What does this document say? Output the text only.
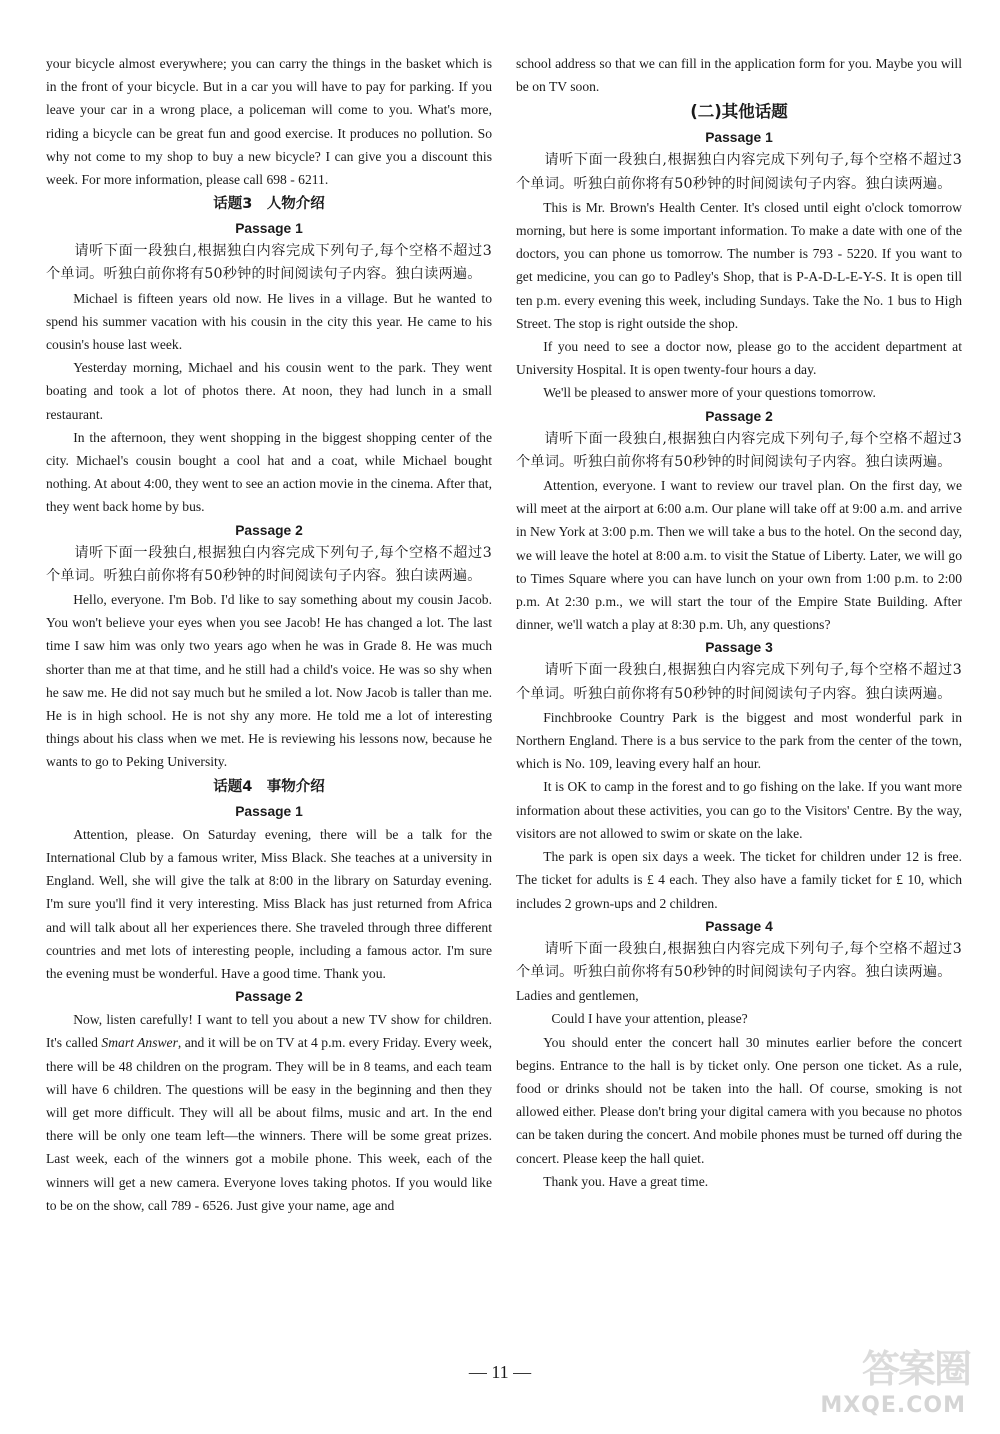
your bicycle almost everywhere; you can carry the things in the basket which is in the front of your bicycle. But in a car you will have to pay for parking. If you leave your car in a wrong place, a policeman will come to you. What's more, riding a bicycle can be great fun and good exercise. It produces no pollution. So why not come to my shop to buy a new bicycle? I can give you a discount this week. For more information, please call 698 - 6211.

话题3　人物介绍
Passage 1

请听下面一段独白,根据独白内容完成下列句子,每个空格不超过3个单词。听独白前你将有50秒钟的时间阅读句子内容。独白读两遍。

Michael is fifteen years old now. He lives in a village. But he wanted to spend his summer vacation with his cousin in the city this year. He came to his cousin's house last week.

Yesterday morning, Michael and his cousin went to the park. They went boating and took a lot of photos there. At noon, they had lunch in a small restaurant.

In the afternoon, they went shopping in the biggest shopping center of the city. Michael's cousin bought a cool hat and a coat, while Michael bought nothing. At about 4:00, they went to see an action movie in the cinema. After that, they went back home by bus.

Passage 2

请听下面一段独白,根据独白内容完成下列句子,每个空格不超过3个单词。听独白前你将有50秒钟的时间阅读句子内容。独白读两遍。

Hello, everyone. I'm Bob. I'd like to say something about my cousin Jacob. You won't believe your eyes when you see Jacob! He has changed a lot. The last time I saw him was only two years ago when he was in Grade 8. He was much shorter than me at that time, and he still had a child's voice. He was so shy when he saw me. He did not say much but he smiled a lot. Now Jacob is taller than me. He is in high school. He is not shy any more. He told me a lot of interesting things about his class when we met. He is reviewing his lessons now, because he wants to go to Peking University.

话题4　事物介绍
Passage 1

Attention, please. On Saturday evening, there will be a talk for the International Club by a famous writer, Miss Black. She teaches at a university in England. Well, she will give the talk at 8:00 in the library on Saturday evening. I'm sure you'll find it very interesting. Miss Black has just returned from Africa and will talk about all her experiences there. She traveled through three different countries and met lots of interesting people, including a famous actor. I'm sure the evening must be wonderful. Have a good time. Thank you.

Passage 2

Now, listen carefully! I want to tell you about a new TV show for children. It's called Smart Answer, and it will be on TV at 4 p.m. every Friday. Every week, there will be 48 children on the program. They will be in 8 teams, and each team will have 6 children. The questions will be easy in the beginning and then they will get more difficult. They will all be about films, music and art. In the end there will be only one team left—the winners. There will be some great prizes. Last week, each of the winners got a mobile phone. This week, each of the winners will get a new camera. Everyone loves taking photos. If you would like to be on the show, call 789 - 6526. Just give your name, age and

school address so that we can fill in the application form for you. Maybe you will be on TV soon.

(二)其他话题
Passage 1

请听下面一段独白,根据独白内容完成下列句子,每个空格不超过3个单词。听独白前你将有50秒钟的时间阅读句子内容。独白读两遍。

This is Mr. Brown's Health Center. It's closed until eight o'clock tomorrow morning, but here is some important information. To make a date with one of the doctors, you can phone us tomorrow. The number is 793 - 5220. If you want to get medicine, you can go to Padley's Shop, that is P-A-D-L-E-Y-S. It is open till ten p.m. every evening this week, including Sundays. Take the No. 1 bus to High Street. The stop is right outside the shop.

If you need to see a doctor now, please go to the accident department at University Hospital. It is open twenty-four hours a day.

We'll be pleased to answer more of your questions tomorrow.

Passage 2

请听下面一段独白,根据独白内容完成下列句子,每个空格不超过3个单词。听独白前你将有50秒钟的时间阅读句子内容。独白读两遍。

Attention, everyone. I want to review our travel plan. On the first day, we will meet at the airport at 6:00 a.m. Our plane will take off at 9:00 a.m. and arrive in New York at 3:00 p.m. Then we will take a bus to the hotel. On the second day, we will leave the hotel at 8:00 a.m. to visit the Statue of Liberty. Later, we will go to Times Square where you can have lunch on your own from 1:00 p.m. to 2:00 p.m. At 2:30 p.m., we will start the tour of the Empire State Building. After dinner, we'll watch a play at 8:30 p.m. Uh, any questions?

Passage 3

请听下面一段独白,根据独白内容完成下列句子,每个空格不超过3个单词。听独白前你将有50秒钟的时间阅读句子内容。独白读两遍。

Finchbrooke Country Park is the biggest and most wonderful park in Northern England. There is a bus service to the park from the center of the town, which is No. 109, leaving every half an hour.

It is OK to camp in the forest and to go fishing on the lake. If you want more information about these activities, you can go to the Visitors' Centre. By the way, visitors are not allowed to swim or skate on the lake.

The park is open six days a week. The ticket for children under 12 is free. The ticket for adults is £ 4 each. They also have a family ticket for £ 10, which includes 2 grown-ups and 2 children.

Passage 4

请听下面一段独白,根据独白内容完成下列句子,每个空格不超过3个单词。听独白前你将有50秒钟的时间阅读句子内容。独白读两遍。

Ladies and gentlemen,

Could I have your attention, please?

You should enter the concert hall 30 minutes earlier before the concert begins. Entrance to the hall is by ticket only. One person one ticket. As a rule, food or drinks should not be taken into the hall. Of course, smoking is not allowed either. Please don't bring your digital camera with you because no photos can be taken during the concert. And mobile phones must be turned off during the concert. Please keep the hall quiet.

Thank you. Have a great time.

— 11 —	答案圈
MXQE.COM
